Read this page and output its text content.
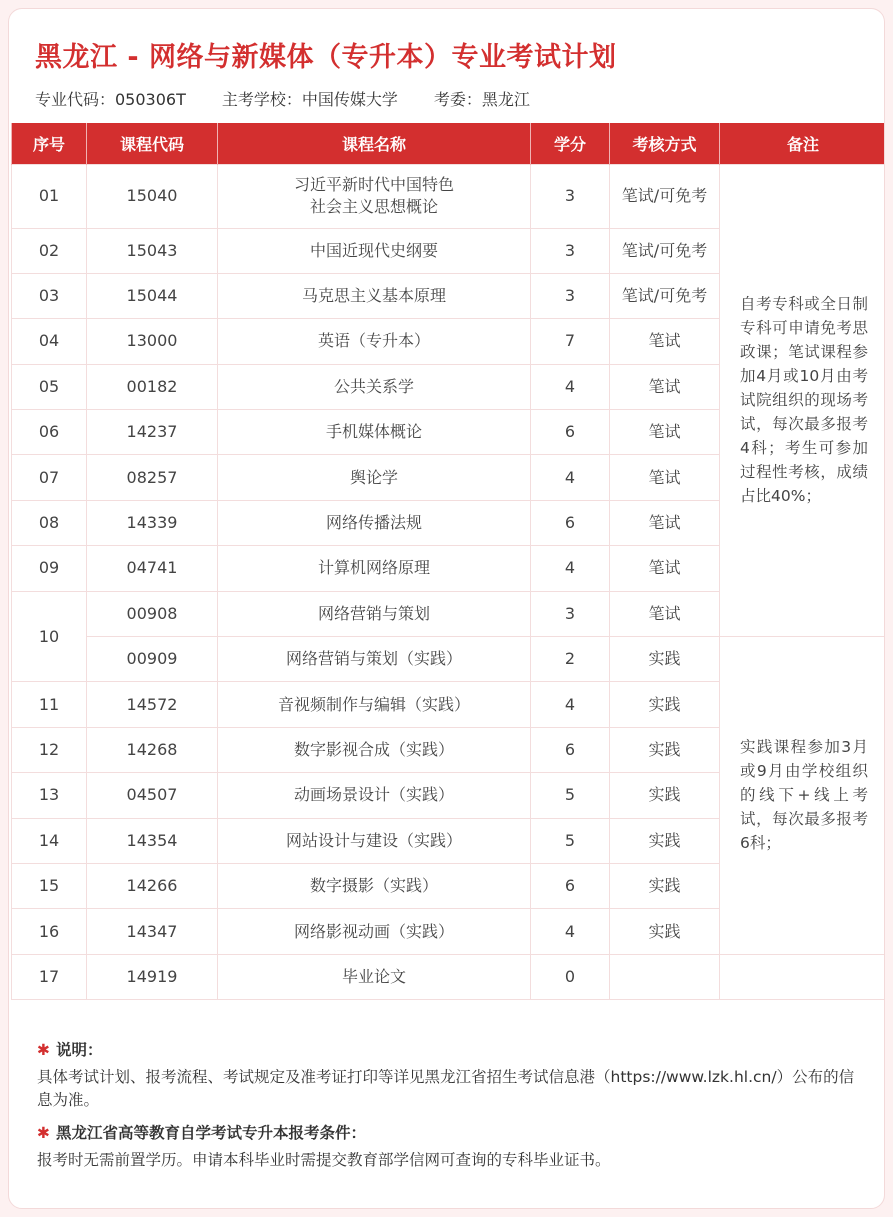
黑龙江 - 网络与新媒体（专升本）专业考试计划
专业代码：050306T 主考学校：中国传媒大学 考委：黑龙江
序号	课程代码	课程名称	学分	考核方式	备注
01	15040	习近平新时代中国特色
社会主义思想概论	3	笔试/可免考	自考专科或全日制专科可申请免考思政课；笔试课程参加4月或10月由考试院组织的现场考试，每次最多报考4科；考生可参加过程性考核，成绩占比40%；
02	15043	中国近现代史纲要	3	笔试/可免考	
03	15044	马克思主义基本原理	3	笔试/可免考	
04	13000	英语（专升本）	7	笔试	
05	00182	公共关系学	4	笔试	
06	14237	手机媒体概论	6	笔试	
07	08257	舆论学	4	笔试	
08	14339	网络传播法规	6	笔试	
09	04741	计算机网络原理	4	笔试	
10	00908	网络营销与策划	3	笔试	
	00909	网络营销与策划（实践）	2	实践	实践课程参加3月或9月由学校组织的线下+线上考试，每次最多报考6科；
11	14572	音视频制作与编辑（实践）	4	实践	
12	14268	数字影视合成（实践）	6	实践	
13	04507	动画场景设计（实践）	5	实践	
14	14354	网站设计与建设（实践）	5	实践	
15	14266	数字摄影（实践）	6	实践	
16	14347	网络影视动画（实践）	4	实践	
17	14919	毕业论文	0		
✱ 说明：
具体考试计划、报考流程、考试规定及准考证打印等详见黑龙江省招生考试信息港（https://www.lzk.hl.cn/）公布的信息为准。
✱ 黑龙江省高等教育自学考试专升本报考条件：
报考时无需前置学历。申请本科毕业时需提交教育部学信网可查询的专科毕业证书。
